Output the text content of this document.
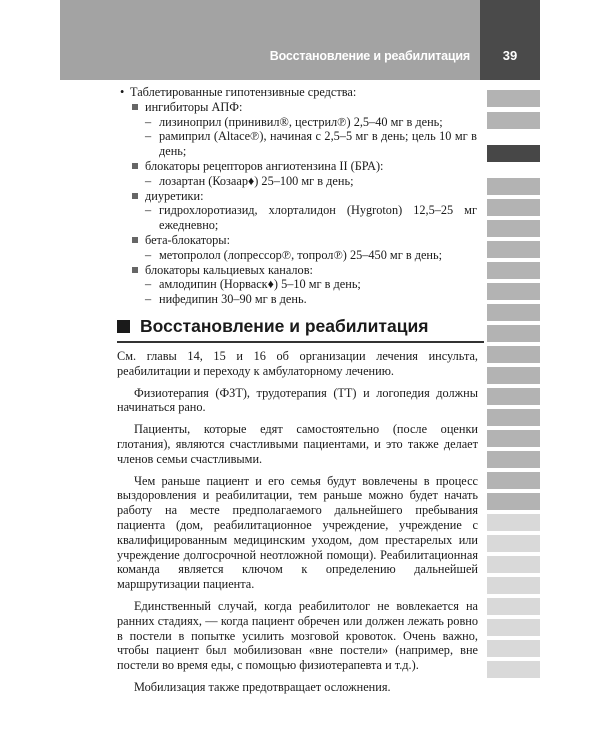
Восстановление и реабилитация	39
• Таблетированные гипотензивные средства:
ингибиторы АПФ:
– лизиноприл (принивил®, цестрил℗) 2,5–40 мг в день;
– рамиприл (Altace℗), начиная с 2,5–5 мг в день; цель 10 мг в день;
блокаторы рецепторов ангиотензина II (БРА):
– лозартан (Козаар♦) 25–100 мг в день;
диуретики:
– гидрохлоротиазид, хлорталидон (Hygroton) 12,5–25 мг ежедневно;
бета-блокаторы:
– метопролол (лопрессор℗, топрол℗) 25–450 мг в день;
блокаторы кальциевых каналов:
– амлодипин (Норваск♦) 5–10 мг в день;
– нифедипин 30–90 мг в день.
Восстановление и реабилитация

См. главы 14, 15 и 16 об организации лечения инсульта, реабилитации и переходу к амбулаторному лечению.

Физиотерапия (ФЗТ), трудотерапия (ТТ) и логопедия должны начинаться рано.

Пациенты, которые едят самостоятельно (после оценки глотания), являются счастливыми пациентами, и это также делает членов семьи счастливыми.

Чем раньше пациент и его семья будут вовлечены в процесс выздоровления и реабилитации, тем раньше можно будет начать работу на месте предполагаемого дальнейшего пребывания пациента (дом, реабилитационное учреждение, учреждение с квалифицированным медицинским уходом, дом престарелых или учреждение долгосрочной неотложной помощи). Реабилитационная команда является ключом к определению дальнейшей маршрутизации пациента.

Единственный случай, когда реабилитолог не вовлекается на ранних стадиях, — когда пациент обречен или должен лежать ровно в постели в попытке усилить мозговой кровоток. Очень важно, чтобы пациент был мобилизован «вне постели» (например, вне постели во время еды, с помощью физиотерапевта и т.д.).

Мобилизация также предотвращает осложнения.
